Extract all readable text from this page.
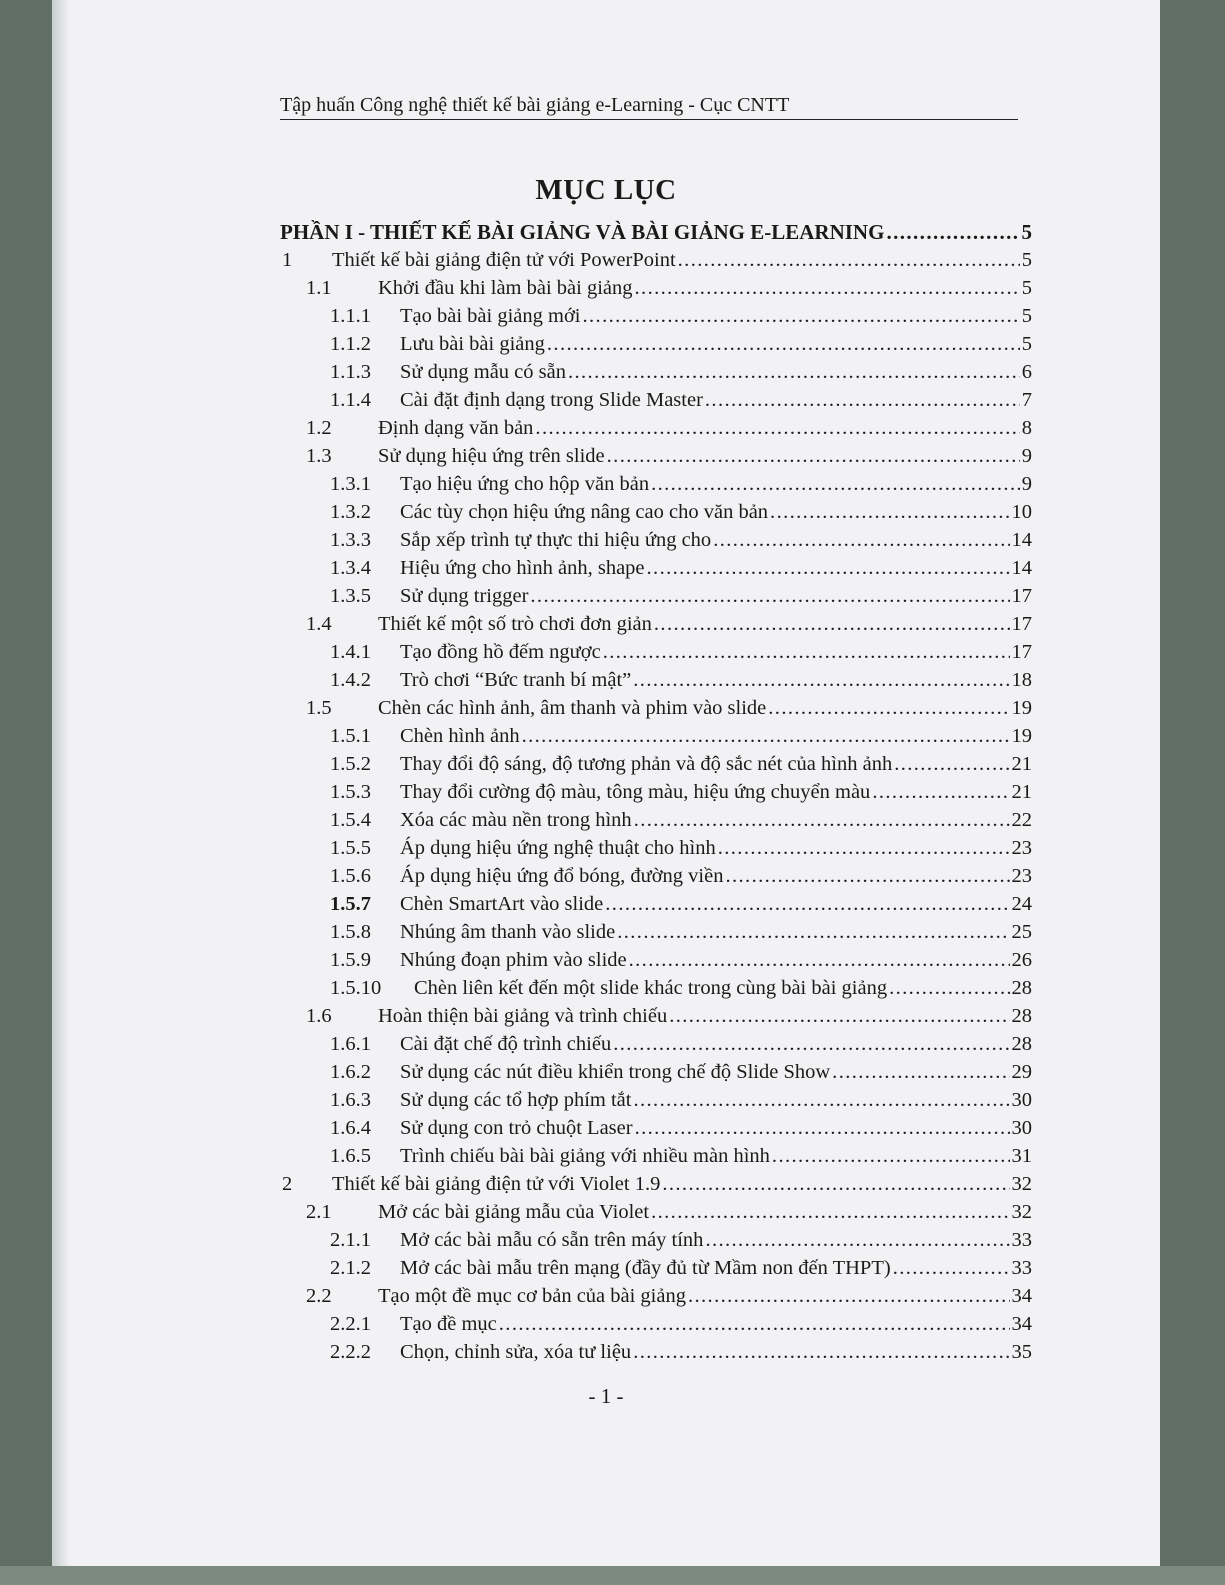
Tập huấn Công nghệ thiết kế bài giảng e-Learning - Cục CNTT
MỤC LỤC
PHẦN I - THIẾT KẾ BÀI GIẢNG VÀ BÀI GIẢNG E-LEARNING .....	5
1	Thiết kế bài giảng điện tử với PowerPoint .....	5
1.1	Khởi đầu khi làm bài bài giảng .....	5
1.1.1	Tạo bài bài giảng mới .....	5
1.1.2	Lưu bài bài giảng .....	5
1.1.3	Sử dụng mẫu có sẵn .....	6
1.1.4	Cài đặt định dạng trong Slide Master .....	7
1.2	Định dạng văn bản .....	8
1.3	Sử dụng hiệu ứng trên slide .....	9
1.3.1	Tạo hiệu ứng cho hộp văn bản .....	9
1.3.2	Các tùy chọn hiệu ứng nâng cao cho văn bản .....	10
1.3.3	Sắp xếp trình tự thực thi hiệu ứng cho .....	14
1.3.4	Hiệu ứng cho hình ảnh, shape .....	14
1.3.5	Sử dụng trigger .....	17
1.4	Thiết kế một số trò chơi đơn giản .....	17
1.4.1	Tạo đồng hồ đếm ngược .....	17
1.4.2	Trò chơi “Bức tranh bí mật” .....	18
1.5	Chèn các hình ảnh, âm thanh và phim vào slide .....	19
1.5.1	Chèn hình ảnh .....	19
1.5.2	Thay đổi độ sáng, độ tương phản và độ sắc nét của hình ảnh .....	21
1.5.3	Thay đổi cường độ màu, tông màu, hiệu ứng chuyển màu .....	21
1.5.4	Xóa các màu nền trong hình .....	22
1.5.5	Áp dụng hiệu ứng nghệ thuật cho hình .....	23
1.5.6	Áp dụng hiệu ứng đổ bóng, đường viền .....	23
1.5.7	Chèn SmartArt vào slide .....	24
1.5.8	Nhúng âm thanh vào slide .....	25
1.5.9	Nhúng đoạn phim vào slide .....	26
1.5.10	Chèn liên kết đến một slide khác trong cùng bài bài giảng .....	28
1.6	Hoàn thiện bài giảng và trình chiếu .....	28
1.6.1	Cài đặt chế độ trình chiếu .....	28
1.6.2	Sử dụng các nút điều khiển trong chế độ Slide Show .....	29
1.6.3	Sử dụng các tổ hợp phím tắt .....	30
1.6.4	Sử dụng con trỏ chuột Laser .....	30
1.6.5	Trình chiếu bài bài giảng với nhiều màn hình .....	31
2	Thiết kế bài giảng điện tử với Violet 1.9 .....	32
2.1	Mở các bài giảng mẫu của Violet .....	32
2.1.1	Mở các bài mẫu có sẵn trên máy tính .....	33
2.1.2	Mở các bài mẫu trên mạng (đầy đủ từ Mầm non đến THPT) .....	33
2.2	Tạo một đề mục cơ bản của bài giảng .....	34
2.2.1	Tạo đề mục .....	34
2.2.2	Chọn, chỉnh sửa, xóa tư liệu .....	35
- 1 -
